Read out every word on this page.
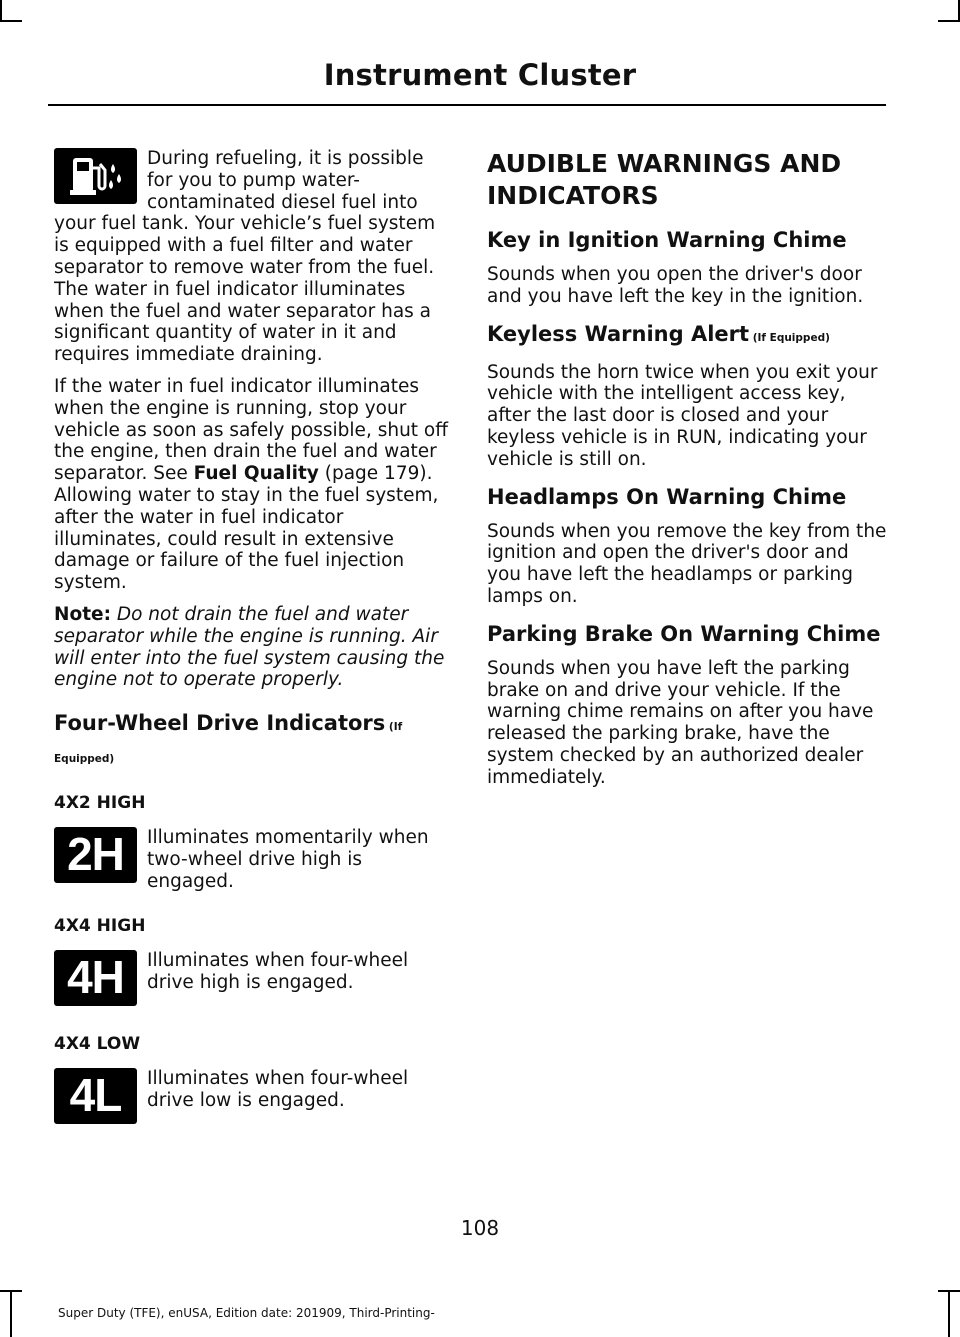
Instrument Cluster
During refueling, it is possible for you to pump water-contaminated diesel fuel into your fuel tank. Your vehicle’s fuel system is equipped with a fuel filter and water separator to remove water from the fuel. The water in fuel indicator illuminates when the fuel and water separator has a significant quantity of water in it and requires immediate draining.

If the water in fuel indicator illuminates when the engine is running, stop your vehicle as soon as safely possible, shut off the engine, then drain the fuel and water separator. See Fuel Quality (page 179).

Allowing water to stay in the fuel system, after the water in fuel indicator illuminates, could result in extensive damage or failure of the fuel injection system.

Note: Do not drain the fuel and water separator while the engine is running. Air will enter into the fuel system causing the engine not to operate properly.

Four-Wheel Drive Indicators (If Equipped)
4X2 HIGH
2H	Illuminates momentarily when two-wheel drive high is engaged.
4X4 HIGH
4H	Illuminates when four-wheel drive high is engaged.
4X4 LOW
4L	Illuminates when four-wheel drive low is engaged.
AUDIBLE WARNINGS AND INDICATORS
Key in Ignition Warning Chime

Sounds when you open the driver's door and you have left the key in the ignition.

Keyless Warning Alert (If Equipped)

Sounds the horn twice when you exit your vehicle with the intelligent access key, after the last door is closed and your keyless vehicle is in RUN, indicating your vehicle is still on.

Headlamps On Warning Chime

Sounds when you remove the key from the ignition and open the driver's door and you have left the headlamps or parking lamps on.

Parking Brake On Warning Chime

Sounds when you have left the parking brake on and drive your vehicle. If the warning chime remains on after you have released the parking brake, have the system checked by an authorized dealer immediately.

108
Super Duty (TFE), enUSA, Edition date: 201909, Third-Printing-
